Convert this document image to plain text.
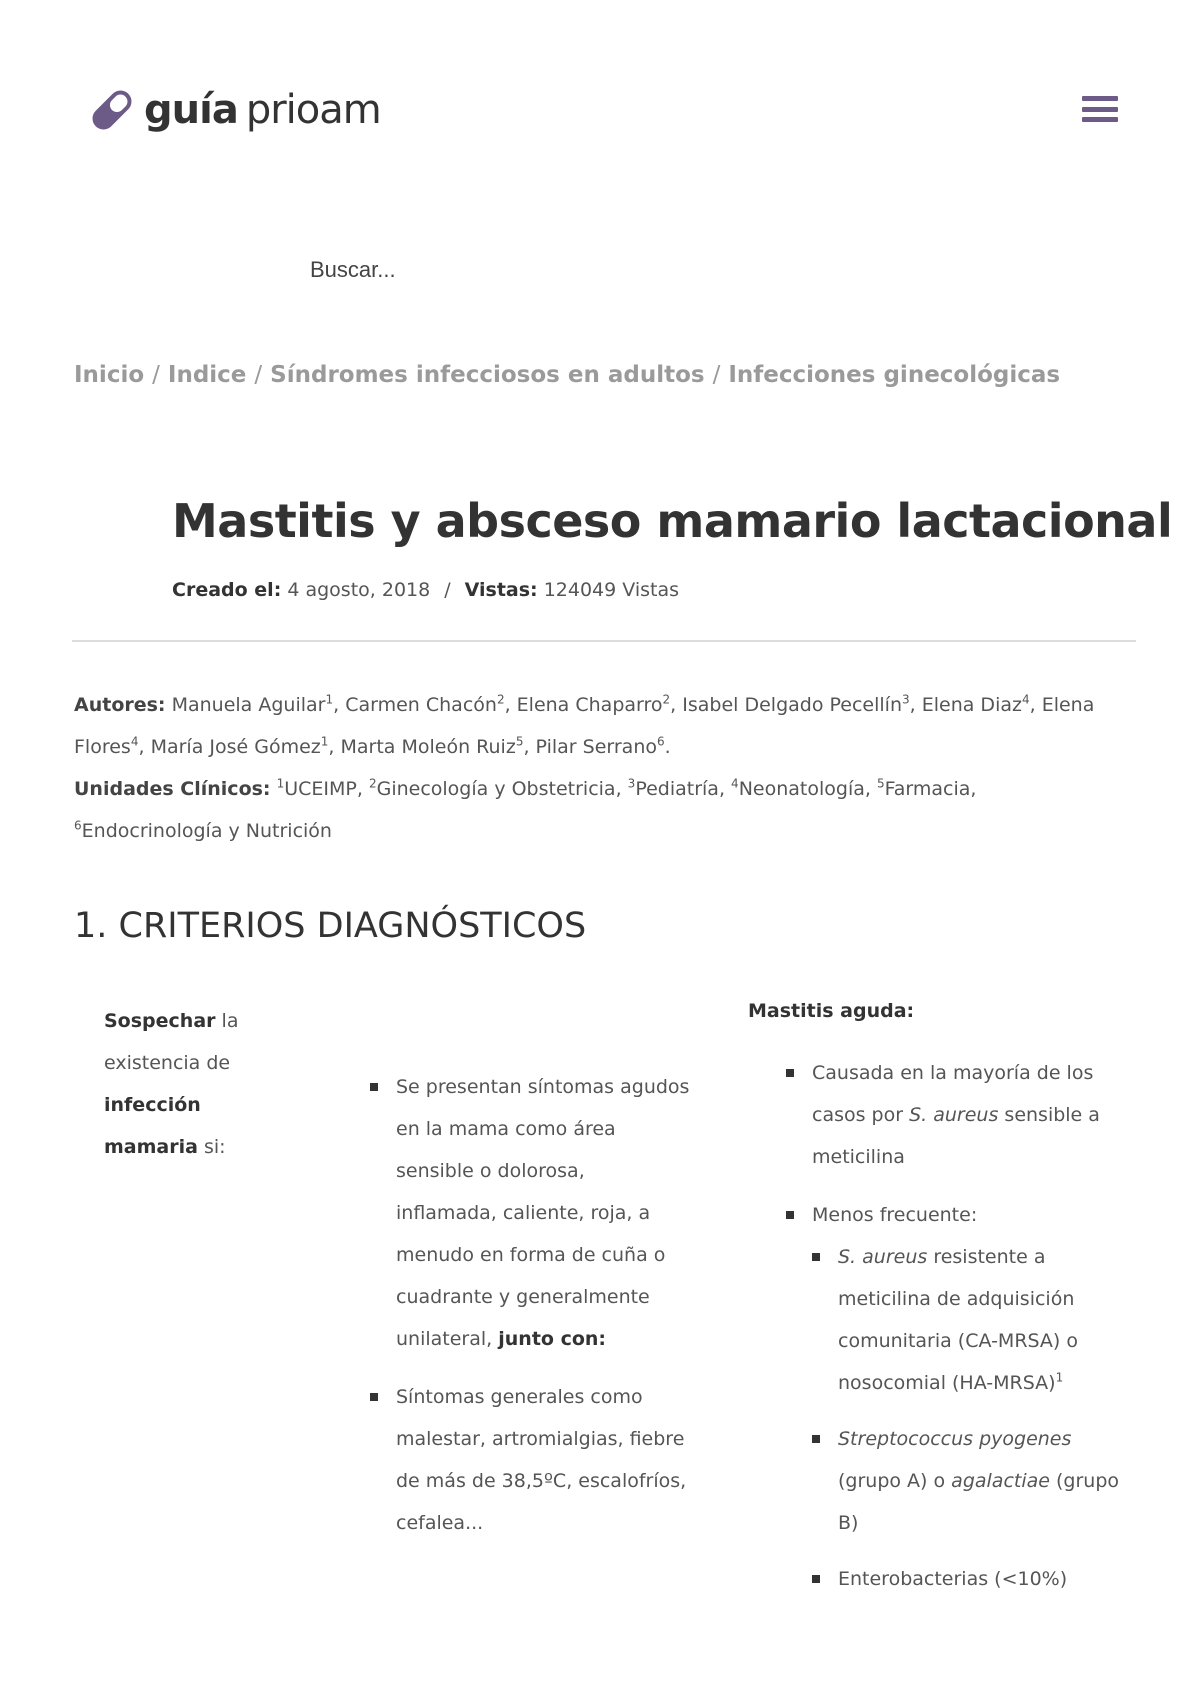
guía prioam
Buscar...
Inicio / Indice / Síndromes infecciosos en adultos / Infecciones ginecológicas
Mastitis y absceso mamario lactacional
Creado el: 4 agosto, 2018 / Vistas: 124049 Vistas
Autores: Manuela Aguilar$^1$, Carmen Chacón$^2$, Elena Chaparro$^2$, Isabel Delgado Pecellín$^3$, Elena Diaz$^4$, Elena Flores$^4$, María José Gómez$^1$, Marta Moleón Ruiz$^5$, Pilar Serrano$^6$.
Unidades Clínicos: $^1$UCEIMP, $^2$Ginecología y Obstetricia, $^3$Pediatría, $^4$Neonatología, $^5$Farmacia,
$^6$Endocrinología y Nutrición
1. CRITERIOS DIAGNÓSTICOS
Sospechar la existencia de infección mamaria si:
Se presentan síntomas agudos en la mama como área sensible o dolorosa, inflamada, caliente, roja, a menudo en forma de cuña o cuadrante y generalmente unilateral, junto con:
Síntomas generales como malestar, artromialgias, fiebre de más de 38,5ºC, escalofríos, cefalea...
Mastitis aguda:
Causada en la mayoría de los casos por S. aureus sensible a meticilina
Menos frecuente:
S. aureus resistente a meticilina de adquisición comunitaria (CA-MRSA) o nosocomial (HA-MRSA)$^1$
Streptococcus pyogenes (grupo A) o agalactiae (grupo B)
Enterobacterias (<10%)
